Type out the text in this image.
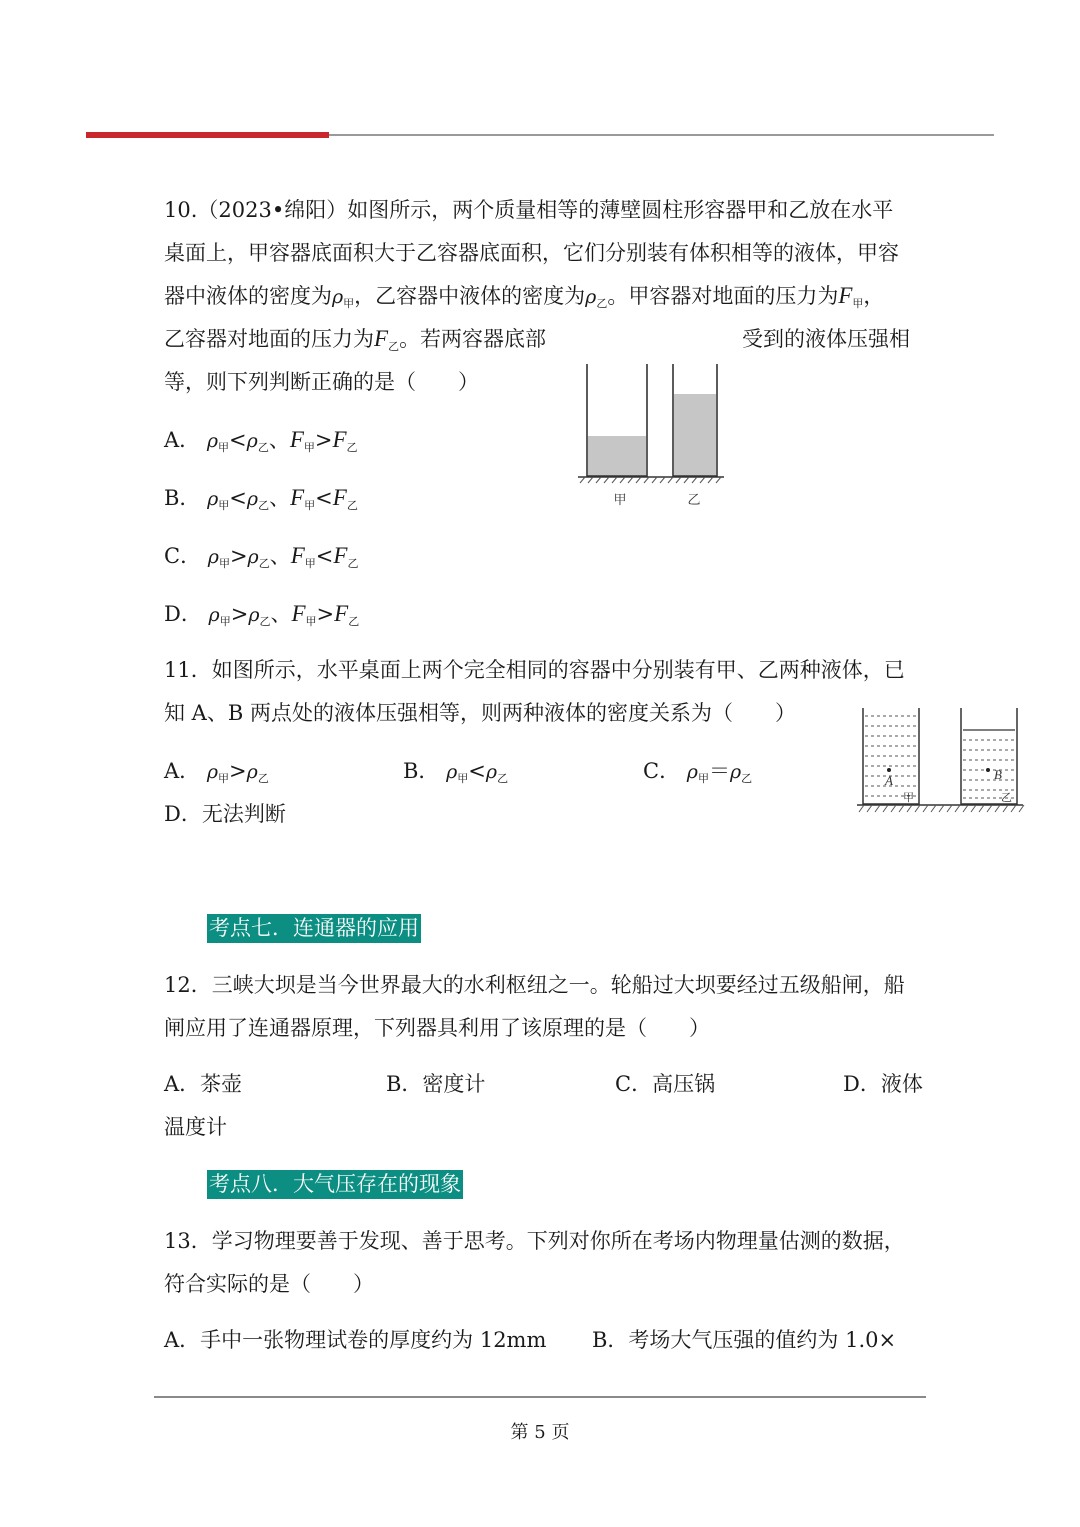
10.（2023•绵阳）如图所示，两个质量相等的薄壁圆柱形容器甲和乙放在水平
桌面上，甲容器底面积大于乙容器底面积，它们分别装有体积相等的液体，甲容
器中液体的密度为$\rho_甲$，乙容器中液体的密度为$\rho_乙$。甲容器对地面的压力为$F_甲$，
乙容器对地面的压力为$F_乙$。若两容器底部	受到的液体压强相
等，则下列判断正确的是（　　）
A． $\rho_甲<\rho_乙$、$F_甲>F_乙$
B． $\rho_甲<\rho_乙$、$F_甲<F_乙$
C． $\rho_甲>\rho_乙$、$F_甲<F_乙$
D． $\rho_甲>\rho_乙$、$F_甲>F_乙$
甲	乙
11．如图所示，水平桌面上两个完全相同的容器中分别装有甲、乙两种液体，已
知 A、B 两点处的液体压强相等，则两种液体的密度关系为（　　）
A． $\rho_甲>\rho_乙$	B． $\rho_甲<\rho_乙$	C． $\rho_甲=\rho_乙$
D．无法判断
A
甲
B
乙
考点七．连通器的应用
12．三峡大坝是当今世界最大的水利枢纽之一。轮船过大坝要经过五级船闸，船
闸应用了连通器原理，下列器具利用了该原理的是（　　）
A．茶壶	B．密度计	C．高压锅	D．液体
温度计
考点八．大气压存在的现象
13．学习物理要善于发现、善于思考。下列对你所在考场内物理量估测的数据，
符合实际的是（　　）
A．手中一张物理试卷的厚度约为 12mm B．考场大气压强的值约为 1.0×
第 5 页
